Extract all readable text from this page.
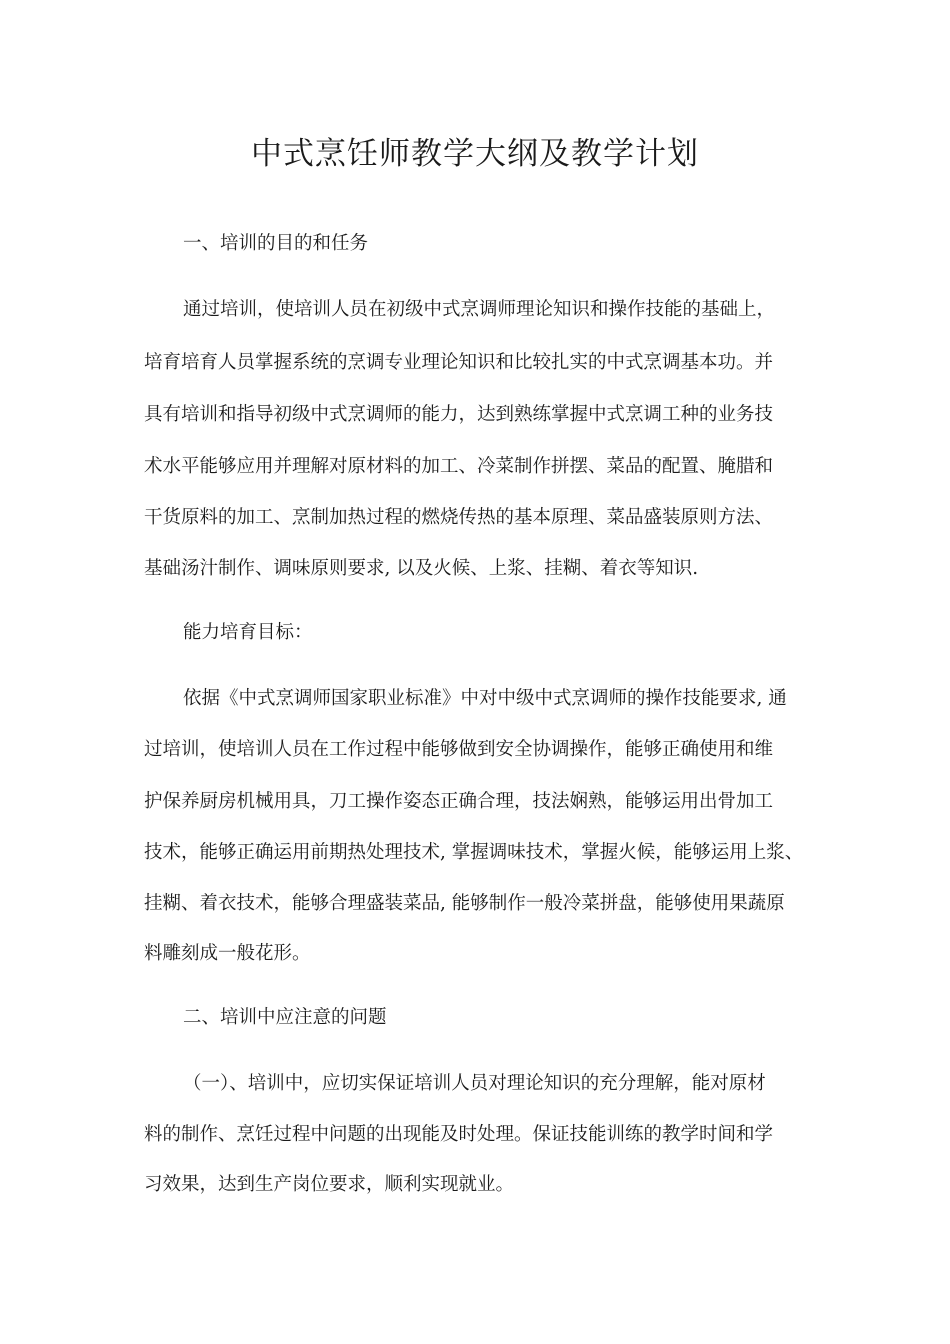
中式烹饪师教学大纲及教学计划
一、培训的目的和任务
通过培训，使培训人员在初级中式烹调师理论知识和操作技能的基础上，
培育培育人员掌握系统的烹调专业理论知识和比较扎实的中式烹调基本功。并
具有培训和指导初级中式烹调师的能力，达到熟练掌握中式烹调工种的业务技
术水平能够应用并理解对原材料的加工、冷菜制作拼摆、菜品的配置、腌腊和
干货原料的加工、烹制加热过程的燃烧传热的基本原理、菜品盛装原则方法、
基础汤汁制作、调味原则要求, 以及火候、上浆、挂糊、着衣等知识.
能力培育目标：
依据《中式烹调师国家职业标准》中对中级中式烹调师的操作技能要求, 通
过培训，使培训人员在工作过程中能够做到安全协调操作，能够正确使用和维
护保养厨房机械用具，刀工操作姿态正确合理，技法娴熟，能够运用出骨加工
技术，能够正确运用前期热处理技术, 掌握调味技术，掌握火候，能够运用上浆、
挂糊、着衣技术，能够合理盛装菜品, 能够制作一般冷菜拼盘，能够使用果蔬原
料雕刻成一般花形。
二、培训中应注意的问题
（一）、培训中，应切实保证培训人员对理论知识的充分理解，能对原材
料的制作、烹饪过程中问题的出现能及时处理。保证技能训练的教学时间和学
习效果，达到生产岗位要求，顺利实现就业。
